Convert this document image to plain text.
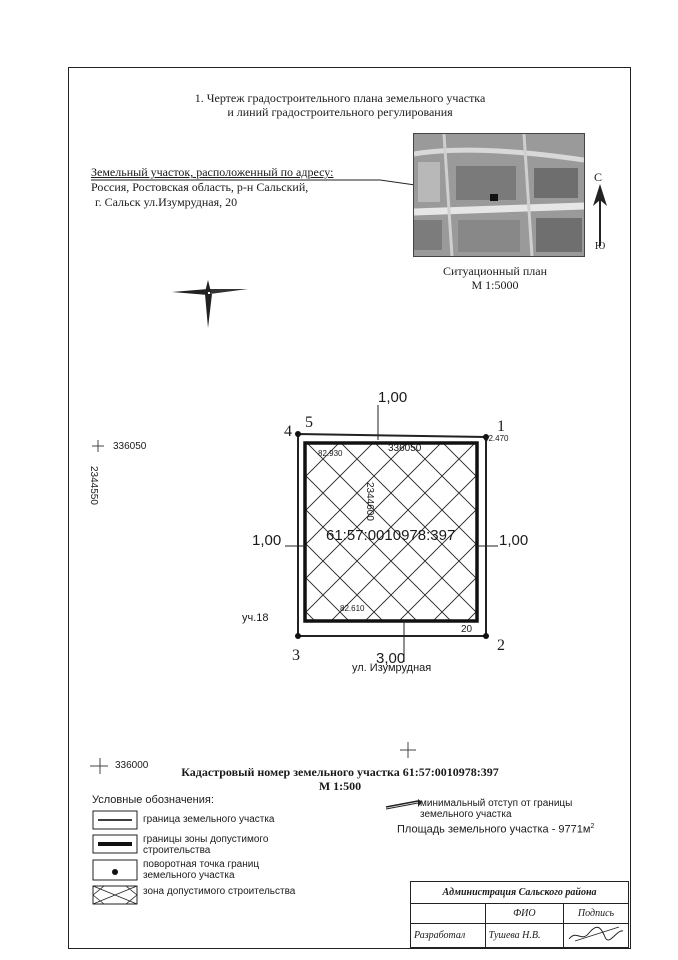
1. Чертеж градостроительного плана земельного участка
и линий градостроительного регулирования
Земельный участок, расположенный по адресу:
Россия, Ростовская область, р-н Сальский,
г. Сальск ул.Изумрудная, 20
С
Ю
Ситуационный план
М 1:5000
1,00
1,00	1,00
3,00
4
5	1
2
3
82.470
82.930
82.610
20
336050
2344600
336050
2344550
336000
61:57:0010978:397
уч.18
ул. Изумрудная
Кадастровый номер земельного участка 61:57:0010978:397
М 1:500
Условные обозначения:
граница земельного участка
границы зоны допустимого
строительства
поворотная точка границ
земельного участка
зона допустимого строительства
минимальный отступ от границы
земельного участка
Площадь земельного участка - $9771м^2$
Администрация Сальского района		
	ФИО	Подпись
Разработал	Тушева Н.В.	
